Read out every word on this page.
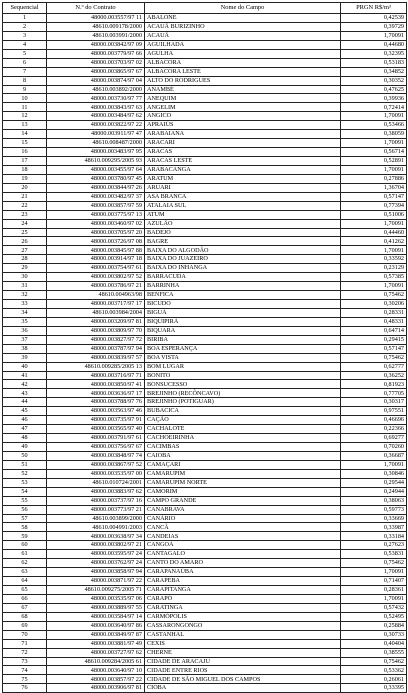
Sequencial	N.º do Contrato	Nome do Campo	PRGN R$/m³
1	48000.003557/97 11	ABALONE	0,42539
2	48610.009178/2000	ACAUÃ BURIZINHO	0,39729
3	48610.003991/2000	ACAUÃ	1,70091
4	48000.003842/97 09	AGUILHADA	0,44680
5	48000.003779/97 66	AGULHA	0,32395
6	48000.003703/97 02	ALBACORA	0,53183
7	48000.003865/97 67	ALBACORA LESTE	0,34852
8	48000.003874/97 04	ALTO DO RODRIGUES	0,30352
9	48610.003892/2000	ANAMBÉ	0,47625
10	48000.003730/97 77	ANEQUIM	0,39936
11	48000.003843/97 63	ANGELIM	0,72414
12	48000.003484/97 62	ANGICO	1,70091
13	48000.003822/97 22	APRAIÚS	0,53466
14	48000.003911/97 47	ARABAIANA	0,38059
15	48610.008487/2000	ARACARI	1,70091
16	48000.003483/97 95	ARACAS	0,56714
17	48610.009295/2005 93	ARACAS LESTE	0,52891
18	48000.003455/97 64	ARABACANGA	1,70091
19	48000.003780/97 45	ARATUM	0,27886
20	48000.003844/97 26	ARUARI	1,36704
21	48000.003482/97 37	ASA BRANCA	0,57147
22	48000.003857/97 59	ATALAIA SUL	0,77394
23	48000.003775/97 13	ATUM	0,51006
24	48000.003460/97 02	AZULÃO	1,70091
25	48000.003705/97 20	BADEJO	0,44460
26	48000.003726/97 08	BAGRE	0,41262
27	48000.003845/97 88	BAIXA DO ALGODÃO	1,70091
28	48000.003914/97 18	BAIXA DO JUAZEIRO	0,33592
29	48000.003754/97 61	BAIXA DO INHANGA	0,23129
30	48000.003802/97 52	BARRACUDA	0,57385
31	48000.003786/97 21	BARRINHA	1,70091
32	48610.004963/98	BENFICA	0,75462
33	48000.003717/97 17	BICUDO	0,30206
34	48610.003984/2004	BIGUÁ	0,28331
35	48000.003209/97 81	BIQUIPIRÁ	0,48331
36	48000.003809/97 70	BIQUARA	0,64714
37	48000.003827/97 72	BIRIBA	0,29415
38	48000.003787/97 94	BOA ESPERANÇA	0,57147
39	48000.003839/97 57	BOA VISTA	0,75462
40	48610.009285/2005 13	BOM LUGAR	0,62777
41	48000.003716/97 71	BONITO	0,36252
42	48000.003850/97 41	BONSUCESSO	0,81923
43	48000.003636/97 17	BREJINHO (RECÔNCAVO)	0,77705
44	48000.003788/97 76	BREJINHO (POTIGUAR)	0,30317
45	48000.003563/97 46	BUBACICA	0,97551
46	48000.003735/97 91	CAÇÃO	0,46696
47	48000.003565/97 40	CACHALOTE	0,22366
48	48000.003791/97 61	CACHOEIRINHA	0,69277
49	48000.003756/97 67	CACIMBAS	0,70260
50	48000.003848/97 74	CAIOBA	0,36687
51	48000.003867/97 52	CAMAÇARI	1,70091
52	48000.003535/97 00	CAMARUPIM	0,30846
53	48610.010724/2001	CAMARUPIM NORTE	0,29544
54	48000.003883/97 62	CAMORIM	0,24944
55	48000.003737/97 16	CAMPO GRANDE	0,38063
56	48000.003773/97 21	CANABRAVA	0,59773
57	48610.003899/2000	CANÁRIO	0,33669
58	48610.004991/2003	CANCÃ	0,33987
59	48000.003638/97 34	CANDEIAS	0,33184
60	48000.003802/97 21	CANGOÁ	0,27623
61	48000.003595/97 24	CANTAGALO	0,53831
62	48000.003762/97 24	CANTO DO AMARO	0,75462
63	48000.003858/97 94	CARAPANAÚBA	1,70091
64	48000.003871/97 22	CARAPEBA	0,71407
65	48610.009275/2005 71	CARAPITANGA	0,28361
66	48000.003535/97 06	CARAPÓ	1,70091
67	48000.003889/97 55	CARATINGA	0,57432
68	48000.003584/97 14	CARMÓPOLIS	0,52495
69	48000.003640/97 86	CASSARONGONGO	0,25884
70	48000.003849/97 87	CASTANHAL	0,30733
71	48000.003881/97 49	CEXIS	0,40404
72	48000.003727/97 62	CHERNE	0,38555
73	48610.009284/2005 61	CIDADE DE ARACAJU	0,75462
74	48000.003640/97 10	CIDADE ENTRE RIOS	0,53362
75	48000.003857/97 22	CIDADE DE SÃO MIGUEL DOS CAMPOS	0,26061
76	48000.003906/97 81	CIOBA	0,33395
